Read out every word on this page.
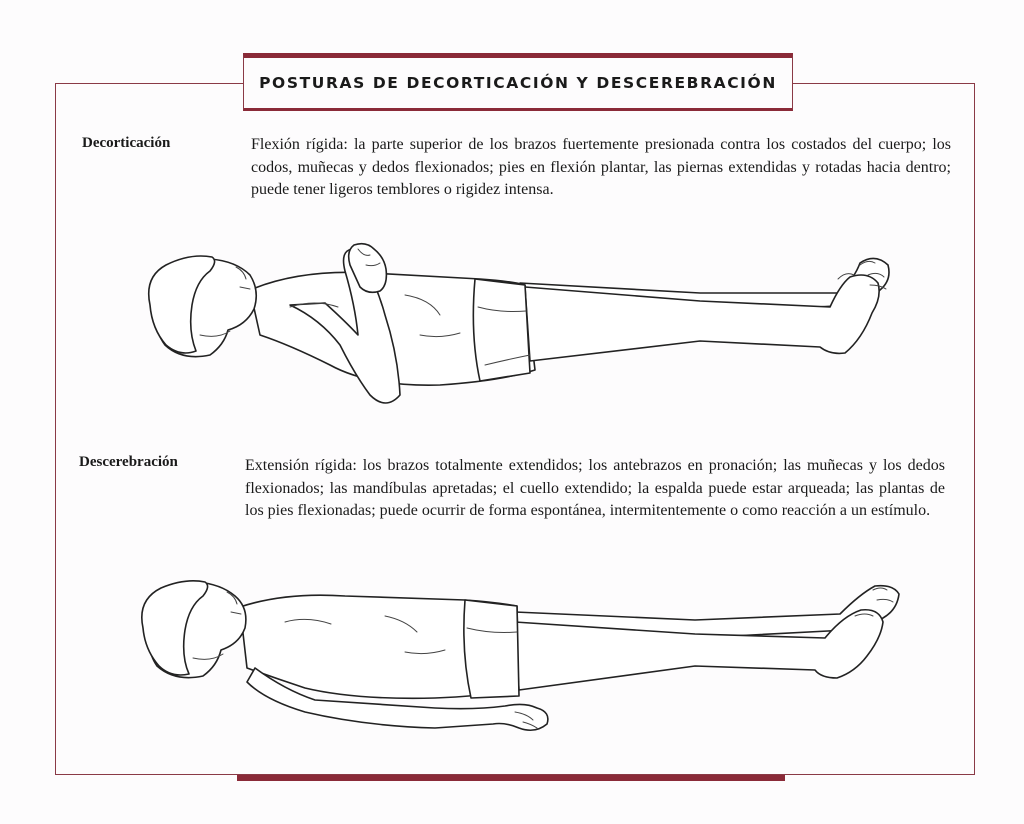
POSTURAS DE DECORTICACIÓN Y DESCEREBRACIÓN
Decorticación	Flexión rígida: la parte superior de los brazos fuertemente presionada contra los costados del cuerpo; los codos, muñecas y dedos flexionados; pies en flexión plantar, las piernas extendidas y rotadas hacia dentro; puede tener ligeros temblores o rigidez intensa.
Descerebración	Extensión rígida: los brazos totalmente extendidos; los antebrazos en pronación; las muñecas y los dedos flexionados; las mandíbulas apretadas; el cuello extendido; la espalda puede estar arqueada; las plantas de los pies flexionadas; puede ocurrir de forma espontánea, intermitentemente o como reacción a un estímulo.
